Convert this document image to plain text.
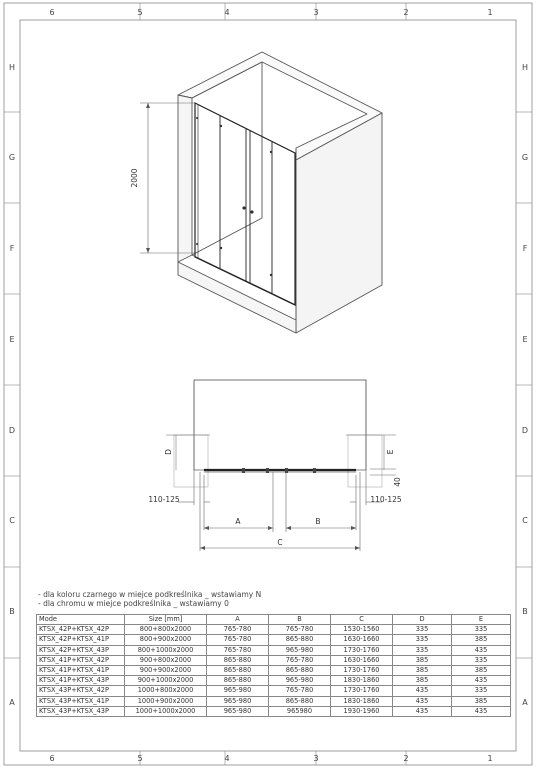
6	5	4	3	2	1
6	5	4	3	2	1
H
G
F
E
D
C
B
A
H
G
F
E
D
C
B
A
2000
D	E
40
110-125	110-125
A	B
C
- dla koloru czarnego w miejce podkreślnika _ wstawiamy N
- dla chromu w miejce podkreślnika _ wstawiamy 0
Mode	Size [mm]	A	B	C	D	E
KTSX_42P+KTSX_42P	800+800x2000	765-780	765-780	1530-1560	335	335
KTSX_42P+KTSX_41P	800+900x2000	765-780	865-880	1630-1660	335	385
KTSX_42P+KTSX_43P	800+1000x2000	765-780	965-980	1730-1760	335	435
KTSX_41P+KTSX_42P	900+800x2000	865-880	765-780	1630-1660	385	335
KTSX_41P+KTSX_41P	900+900x2000	865-880	865-880	1730-1760	385	385
KTSX_41P+KTSX_43P	900+1000x2000	865-880	965-980	1830-1860	385	435
KTSX_43P+KTSX_42P	1000+800x2000	965-980	765-780	1730-1760	435	335
KTSX_43P+KTSX_41P	1000+900x2000	965-980	865-880	1830-1860	435	385
KTSX_43P+KTSX_43P	1000+1000x2000	965-980	965980	1930-1960	435	435
